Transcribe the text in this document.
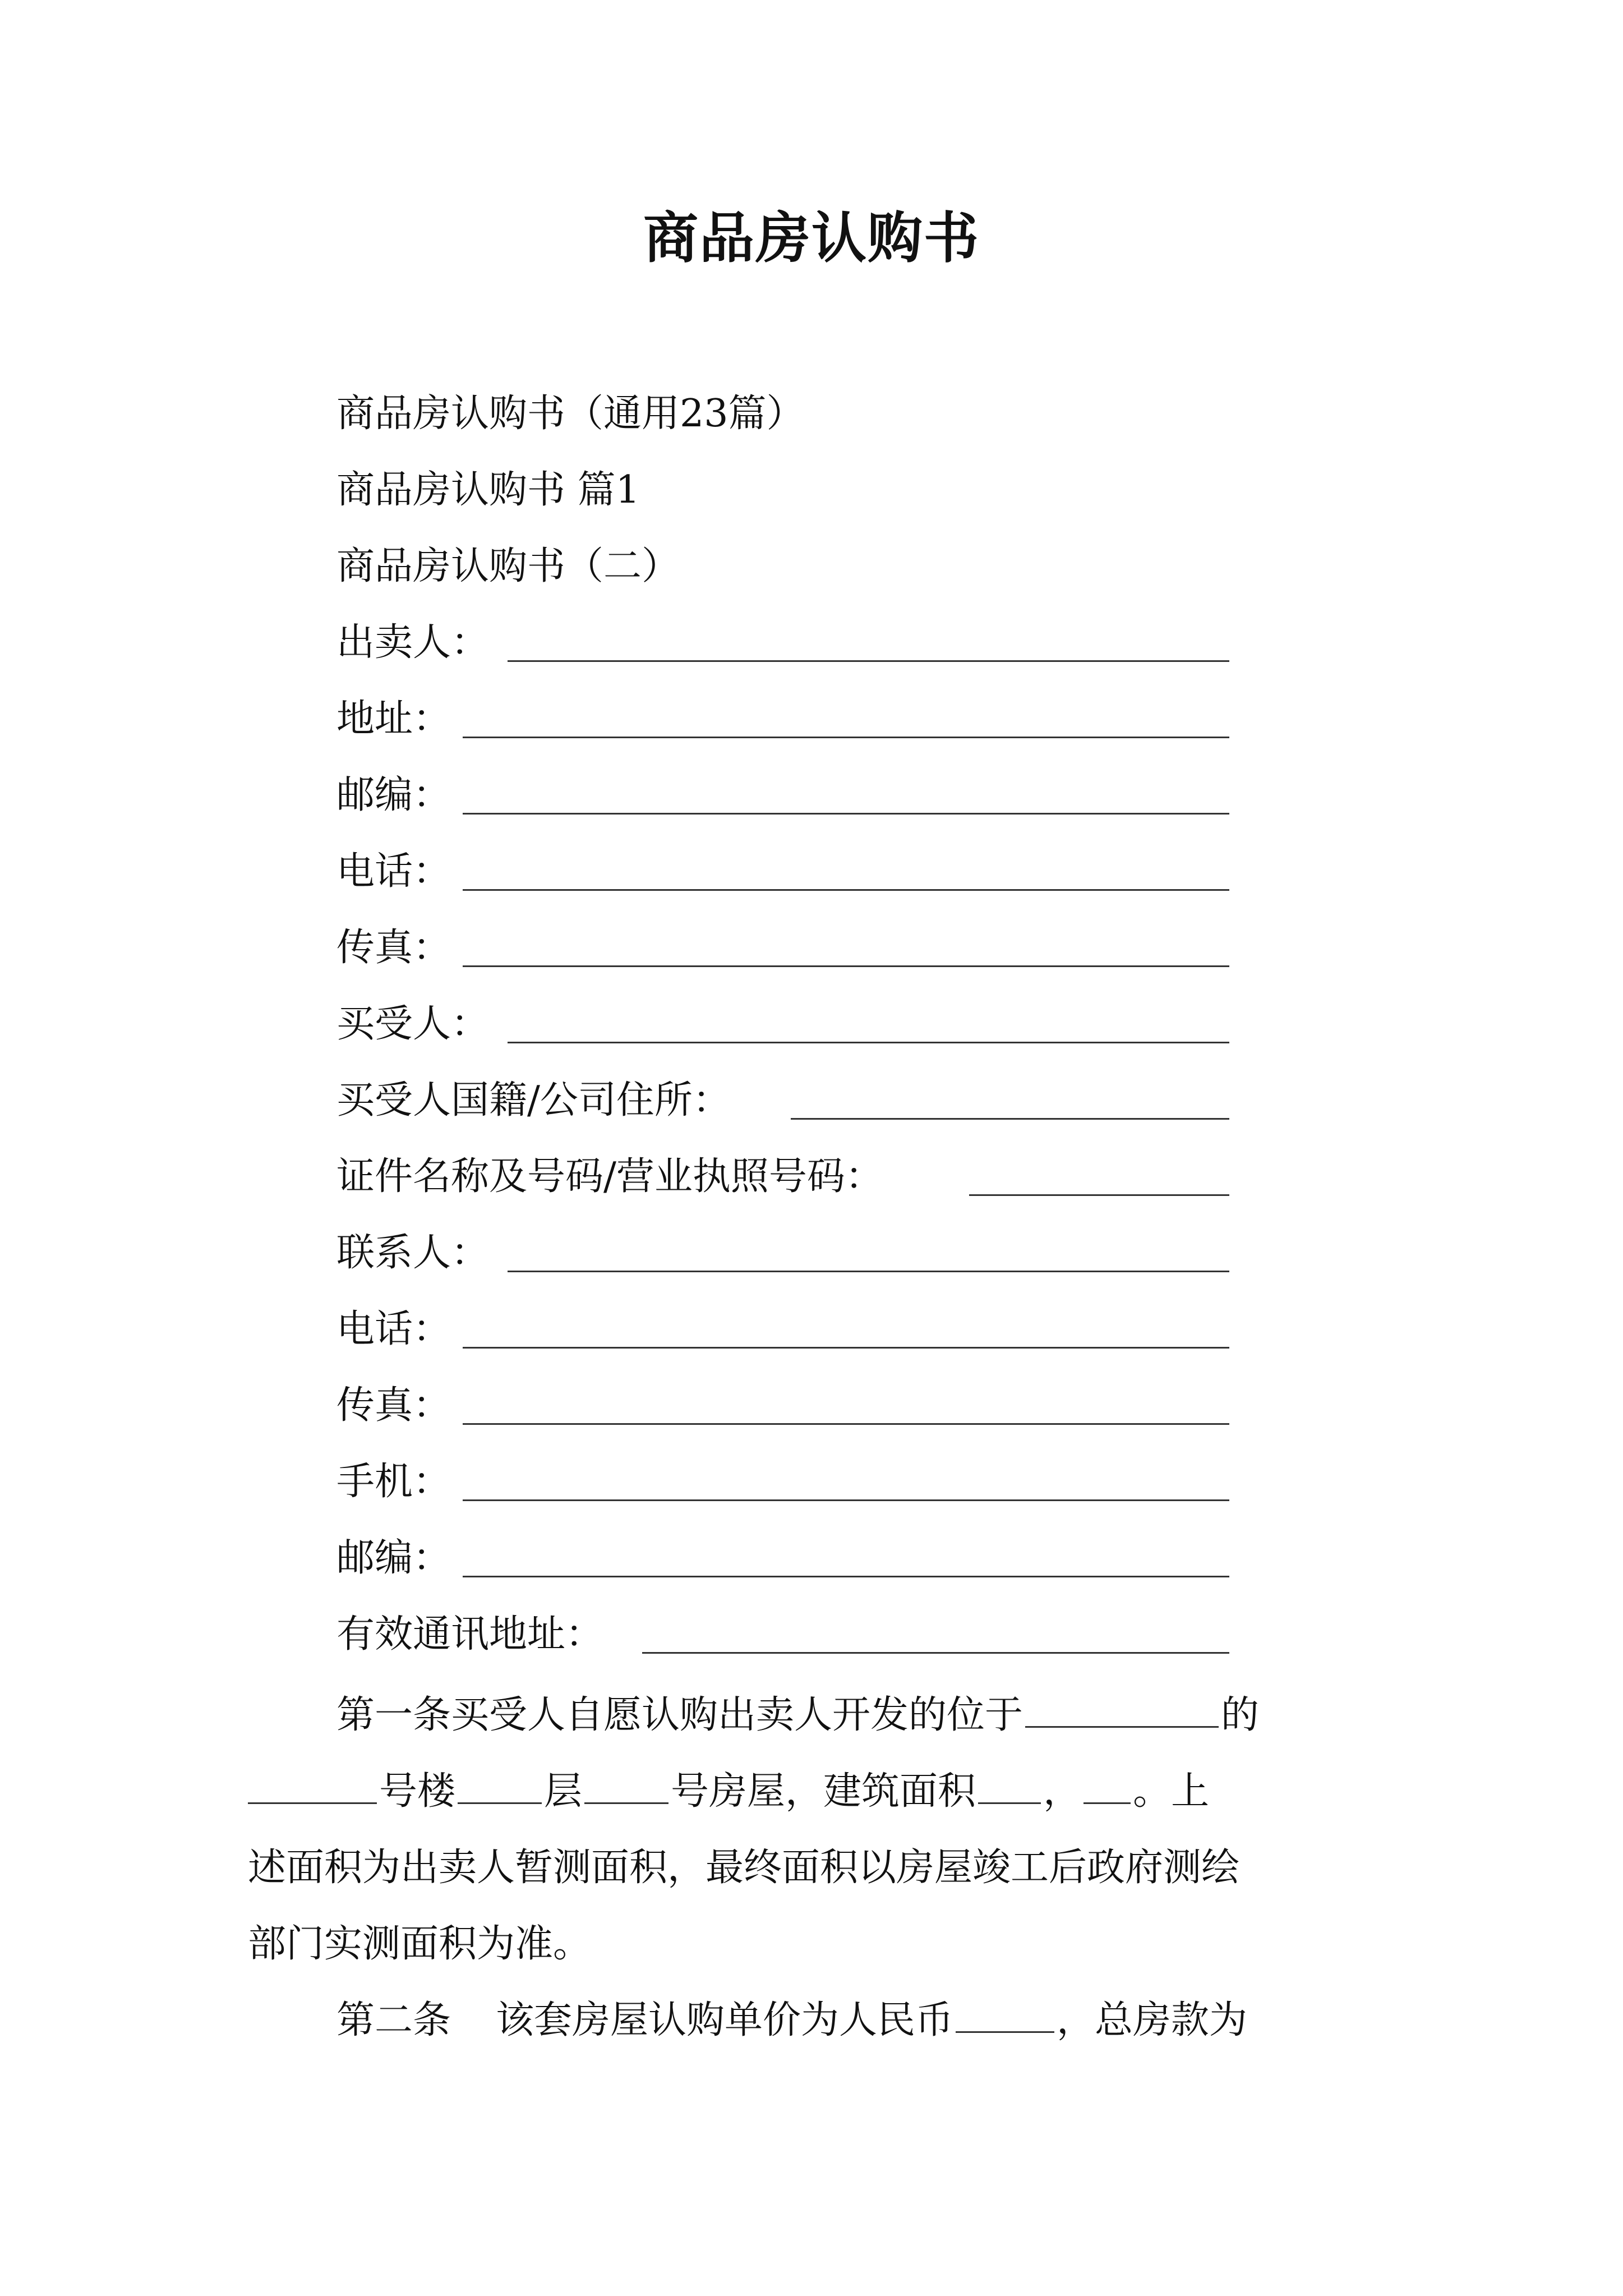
商品房认购书
商品房认购书（通用23篇）
商品房认购书 篇1
商品房认购书（二）
出卖人：
地址：
邮编：
电话：
传真：
买受人：
买受人国籍/公司住所：
证件名称及号码/营业执照号码：
联系人：
电话：
传真：
手机：
邮编：
有效通讯地址：
第一条买受人自愿认购出卖人开发的位于	的
号楼 层 号房屋，建筑面积 ， 。上
述面积为出卖人暂测面积，最终面积以房屋竣工后政府测绘
部门实测面积为准。
第二条 该套房屋认购单价为人民币	，总房款为
